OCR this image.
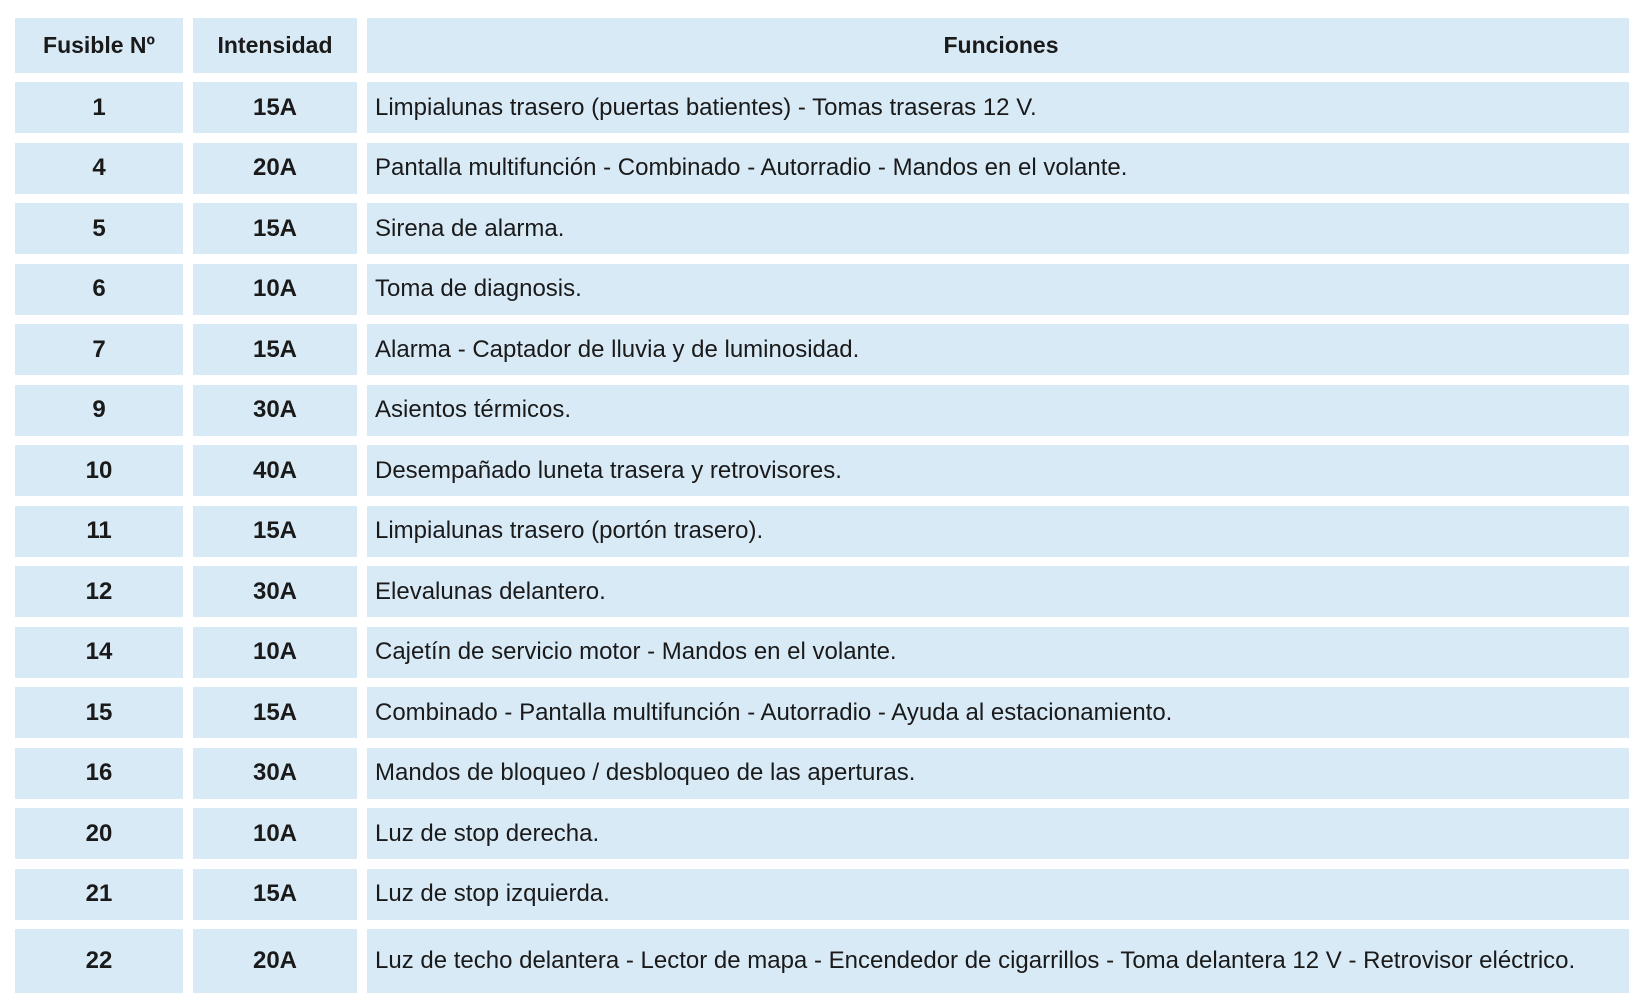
Fusible Nº	Intensidad	Funciones
1	15A	Limpialunas trasero (puertas batientes) - Tomas traseras 12 V.
4	20A	Pantalla multifunción - Combinado - Autorradio - Mandos en el volante.
5	15A	Sirena de alarma.
6	10A	Toma de diagnosis.
7	15A	Alarma - Captador de lluvia y de luminosidad.
9	30A	Asientos térmicos.
10	40A	Desempañado luneta trasera y retrovisores.
11	15A	Limpialunas trasero (portón trasero).
12	30A	Elevalunas delantero.
14	10A	Cajetín de servicio motor - Mandos en el volante.
15	15A	Combinado - Pantalla multifunción - Autorradio - Ayuda al estacionamiento.
16	30A	Mandos de bloqueo / desbloqueo de las aperturas.
20	10A	Luz de stop derecha.
21	15A	Luz de stop izquierda.
22	20A	Luz de techo delantera - Lector de mapa - Encendedor de cigarrillos - Toma delantera 12 V - Retrovisor eléctrico.
